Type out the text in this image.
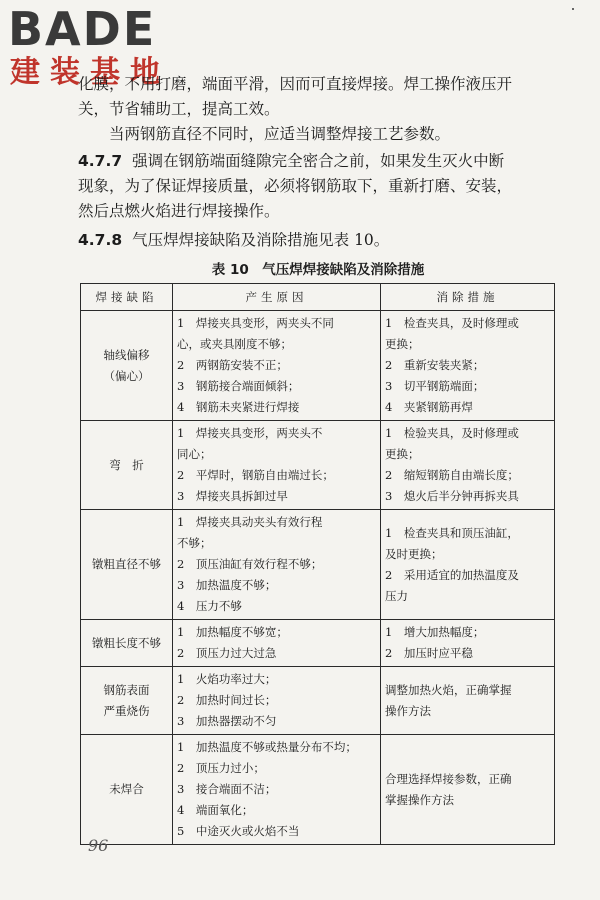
BADE
建装基地
化膜，不用打磨，端面平滑，因而可直接焊接。焊工操作液压开
关，节省辅助工，提高工效。
当两钢筋直径不同时，应适当调整焊接工艺参数。
4.7.7 强调在钢筋端面缝隙完全密合之前，如果发生灭火中断
现象，为了保证焊接质量，必须将钢筋取下，重新打磨、安装，
然后点燃火焰进行焊接操作。
4.7.8 气压焊焊接缺陷及消除措施见表 10。
表 10　气压焊焊接缺陷及消除措施
焊接缺陷	产生原因	消除措施

轴线偏移
（偏心）	1　焊接夹具变形，两夹头不同
心，或夹具刚度不够；
2　两钢筋安装不正；
3　钢筋接合端面倾斜；
4　钢筋未夹紧进行焊接	1　检查夹具，及时修理或
更换；
2　重新安装夹紧；
3　切平钢筋端面；
4　夹紧钢筋再焊

弯　折	1　焊接夹具变形，两夹头不
同心；
2　平焊时，钢筋自由端过长；
3　焊接夹具拆卸过早	1　检验夹具，及时修理或
更换；
2　缩短钢筋自由端长度；
3　熄火后半分钟再拆夹具

镦粗直径不够	1　焊接夹具动夹头有效行程
不够；
2　顶压油缸有效行程不够；
3　加热温度不够；
4　压力不够	1　检查夹具和顶压油缸，
及时更换；
2　采用适宜的加热温度及
压力

镦粗长度不够	1　加热幅度不够宽；
2　顶压力过大过急	1　增大加热幅度；
2　加压时应平稳

钢筋表面
严重烧伤	1　火焰功率过大；
2　加热时间过长；
3　加热器摆动不匀	调整加热火焰，正确掌握
操作方法

未焊合	1　加热温度不够或热量分布不均；
2　顶压力过小；
3　接合端面不洁；
4　端面氧化；
5　中途灭火或火焰不当	合理选择焊接参数，正确
掌握操作方法
96
